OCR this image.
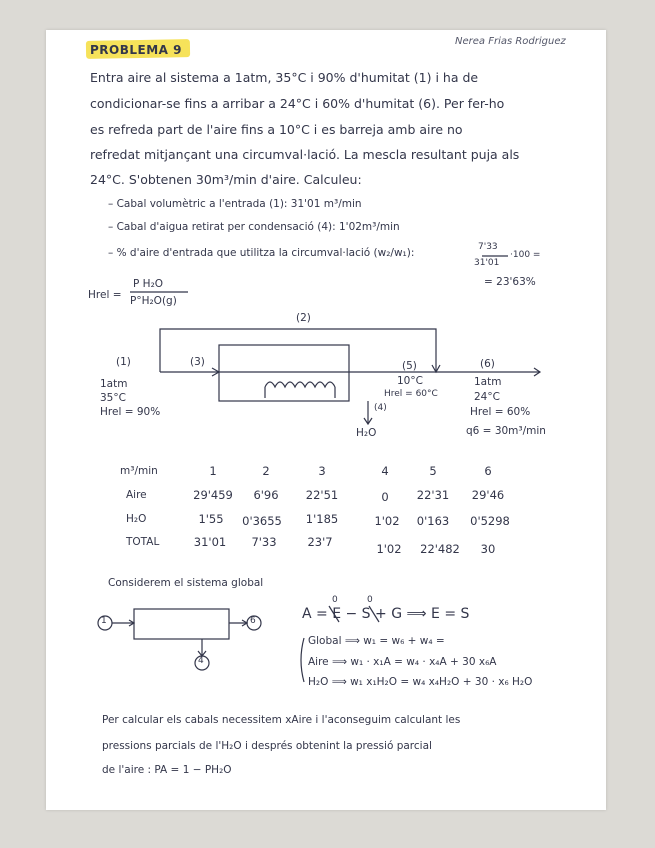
PROBLEMA 9
Nerea Frias Rodriguez
Entra aire al sistema a 1atm, 35°C i 90% d'humitat (1) i ha de
condicionar-se fins a arribar a 24°C i 60% d'humitat (6). Per fer-ho
es refreda part de l'aire fins a 10°C i es barreja amb aire no
refredat mitjançant una circumval·lació. La mescla resultant puja als
24°C. S'obtenen 30m³/min d'aire. Calculeu:
– Cabal volumètric a l'entrada (1): 31'01 m³/min
– Cabal d'aigua retirat per condensació (4): 1'02m³/min
– % d'aire d'entrada que utilitza la circumval·lació (w₂/w₁):	7'33
31'01
·100 =
= 23'63%
Hrel =
P H₂O
P°H₂O(g)
(2)
(1)	(3)	(5)	(6)
(4)
1atm
35°C
Hrel = 90%
10°C
Hrel = 60°C
1atm
24°C
Hrel = 60%
q6 = 30m³/min
H₂O
m³/min	1	2	3	4	5	6
Aire	29'459 6'96 22'51	0 22'31 29'46
H₂O	1'55 0'3655 1'185	1'02 0'163 0'5298
TOTAL	31'01 7'33	23'7	1'02 22'482 30
Considerem el sistema global
1	6
4
A = E − S + G ⟹ E = S
0	0
Global ⟹ w₁ = w₆ + w₄ =
Aire ⟹ w₁ · x₁A = w₄ · x₄A + 30 x₆A
H₂O ⟹ w₁ x₁H₂O = w₄ x₄H₂O + 30 · x₆ H₂O
Per calcular els cabals necessitem xAire i l'aconseguim calculant les
pressions parcials de l'H₂O i després obtenint la pressió parcial
de l'aire : PA = 1 − PH₂O
